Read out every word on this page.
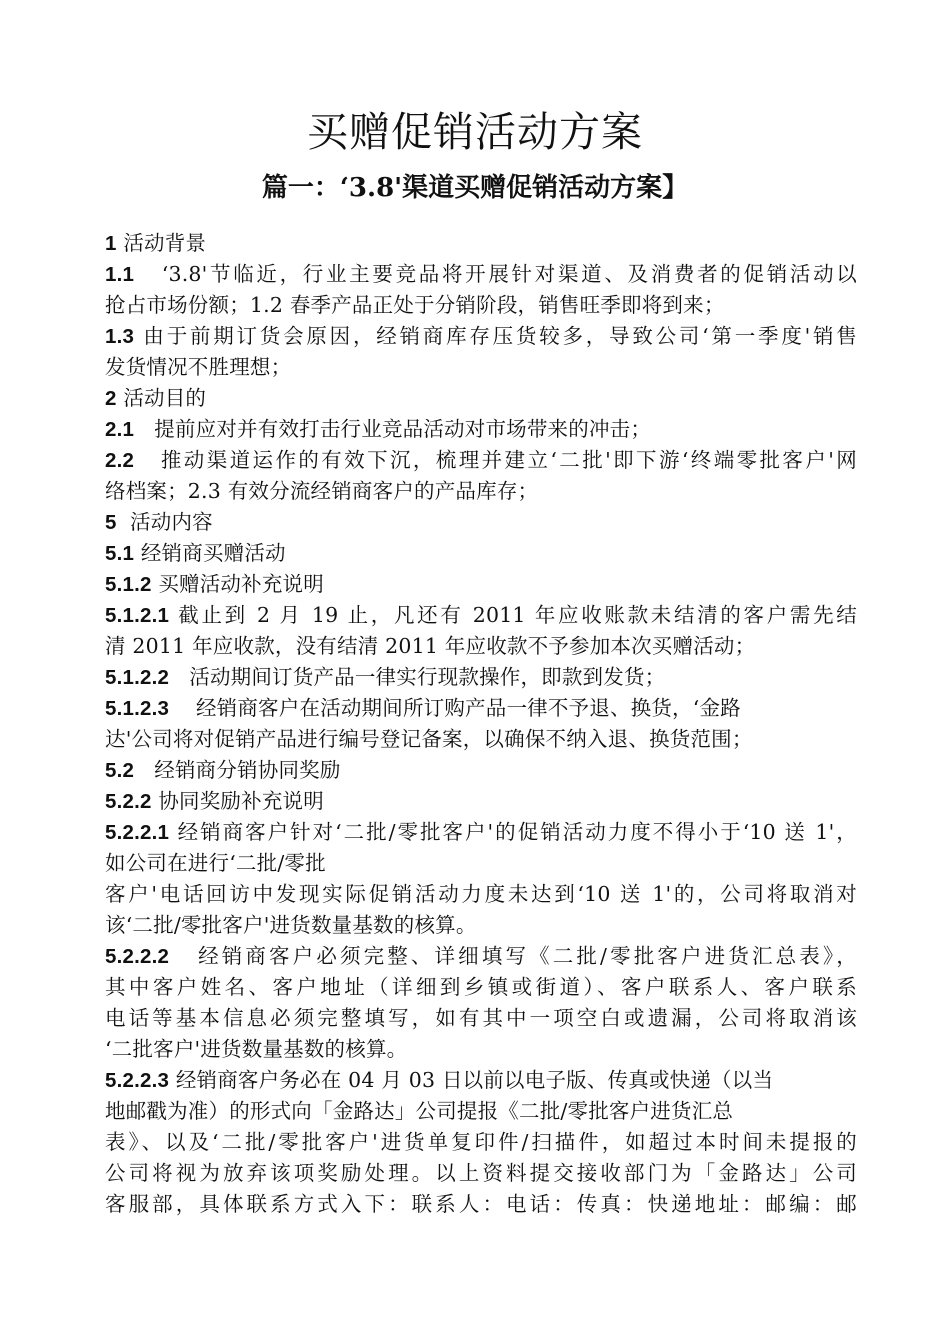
买赠促销活动方案
篇一：‘3.8'渠道买赠促销活动方案】
1 活动背景
1.1   ‘3.8'节临近，行业主要竞品将开展针对渠道、及消费者的促销活动以
抢占市场份额；1.2 春季产品正处于分销阶段，销售旺季即将到来；
1.3 由于前期订货会原因，经销商库存压货较多，导致公司‘第一季度'销售
发货情况不胜理想；
2 活动目的
2.1   提前应对并有效打击行业竞品活动对市场带来的冲击；
2.2   推动渠道运作的有效下沉，梳理并建立‘二批'即下游‘终端零批客户'网
络档案；2.3 有效分流经销商客户的产品库存；
5  活动内容
5.1 经销商买赠活动
5.1.2 买赠活动补充说明
5.1.2.1 截止到 2 月 19 止，凡还有 2011 年应收账款未结清的客户需先结
清 2011 年应收款，没有结清 2011 年应收款不予参加本次买赠活动；
5.1.2.2   活动期间订货产品一律实行现款操作，即款到发货；
5.1.2.3    经销商客户在活动期间所订购产品一律不予退、换货，‘金路
达'公司将对促销产品进行编号登记备案，以确保不纳入退、换货范围；
5.2   经销商分销协同奖励
5.2.2 协同奖励补充说明
5.2.2.1 经销商客户针对‘二批/零批客户'的促销活动力度不得小于‘10 送 1'，
如公司在进行‘二批/零批
客户'电话回访中发现实际促销活动力度未达到‘10 送 1'的，公司将取消对
该‘二批/零批客户'进货数量基数的核算。
5.2.2.2   经销商客户必须完整、详细填写《二批/零批客户进货汇总表》，
其中客户姓名、客户地址（详细到乡镇或街道）、客户联系人、客户联系
电话等基本信息必须完整填写，如有其中一项空白或遗漏，公司将取消该
‘二批客户'进货数量基数的核算。
5.2.2.3 经销商客户务必在 04 月 03 日以前以电子版、传真或快递（以当
地邮戳为准）的形式向「金路达」公司提报《二批/零批客户进货汇总
表》、以及‘二批/零批客户'进货单复印件/扫描件，如超过本时间未提报的
公司将视为放弃该项奖励处理。以上资料提交接收部门为「金路达」公司
客服部，具体联系方式入下：联系人：电话：传真：快递地址：邮编：邮
